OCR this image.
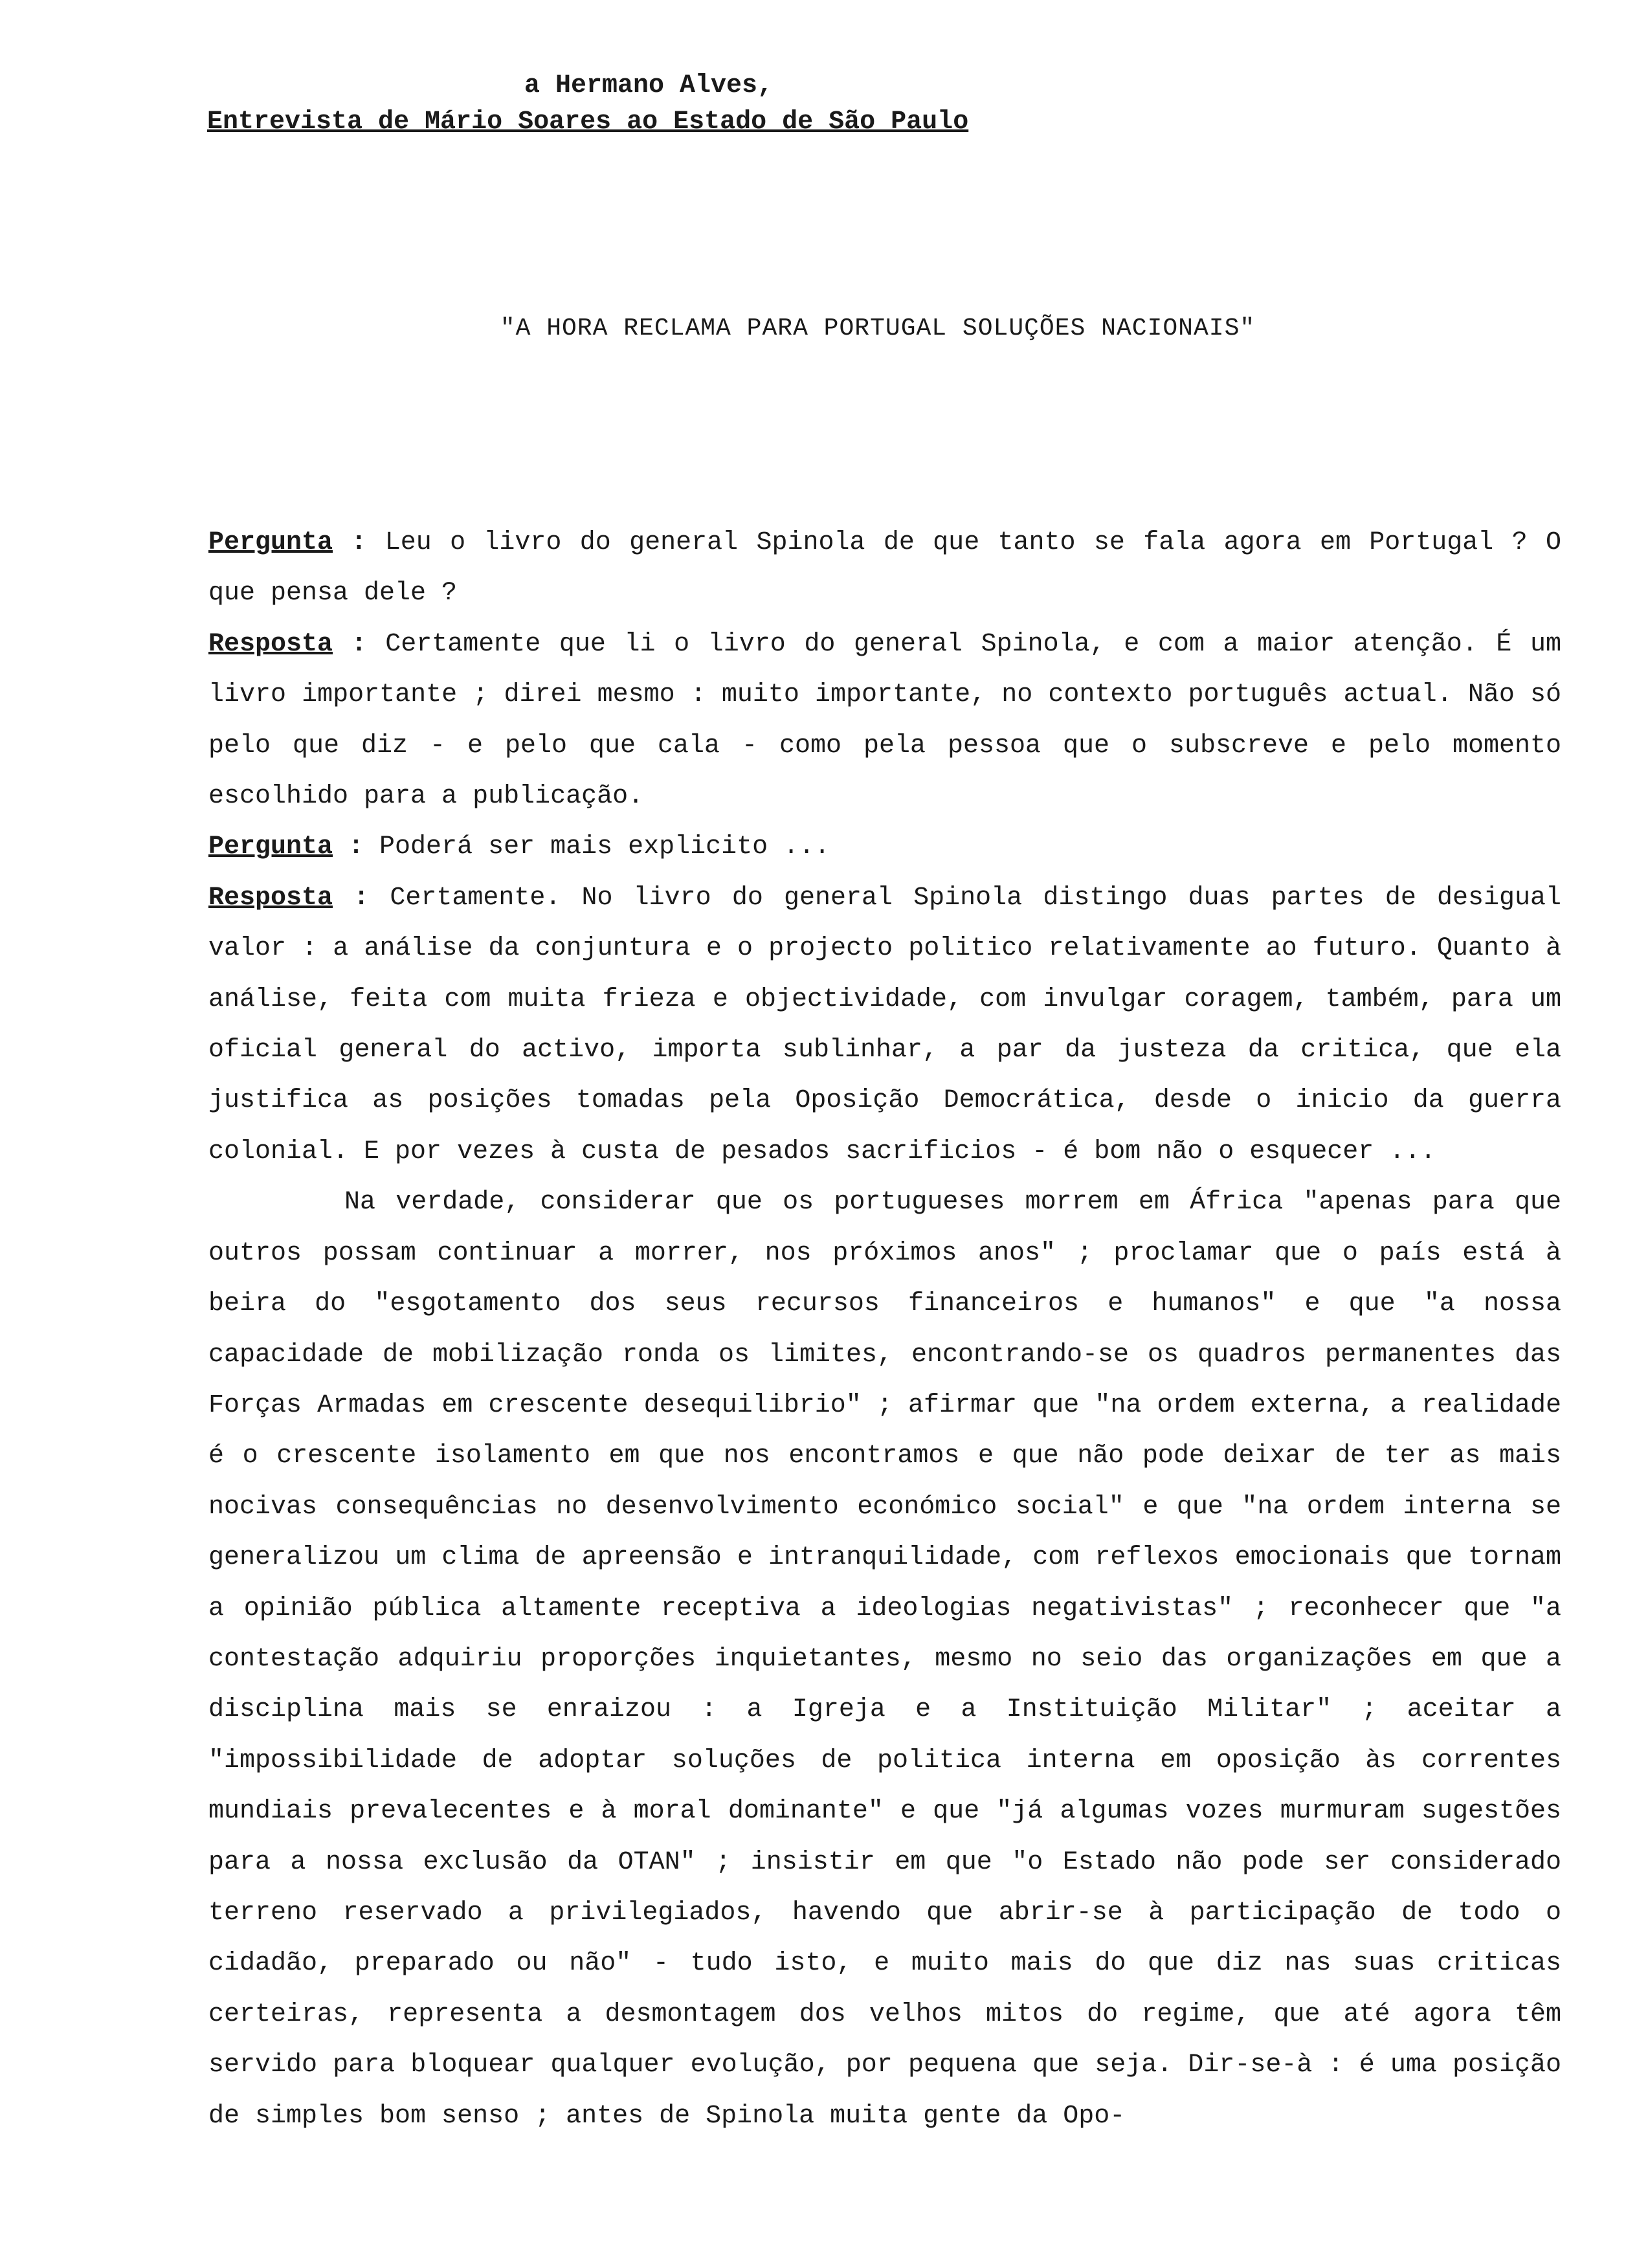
a Hermano Alves,
Entrevista de Mário Soares ao Estado de São Paulo
"A HORA RECLAMA PARA PORTUGAL SOLUÇÕES NACIONAIS"

Pergunta : Leu o livro do general Spinola de que tanto se fala agora em Portugal ? O que pensa dele ?

Resposta : Certamente que li o livro do general Spinola, e com a maior atenção. É um livro importante ; direi mesmo : muito importante, no contexto português actual. Não só pelo que diz - e pelo que cala - como pela pessoa que o subscreve e pelo momento escolhido para a publicação.

Pergunta : Poderá ser mais explicito ...

Resposta : Certamente. No livro do general Spinola distingo duas partes de desigual valor : a análise da conjuntura e o projecto politico relativamente ao futuro. Quanto à análise, feita com muita frieza e objectividade, com invulgar coragem, também, para um oficial general do activo, importa sublinhar, a par da justeza da critica, que ela justifica as posições tomadas pela Oposição Democrática, desde o inicio da guerra colonial. E por vezes à custa de pesados sacrificios - é bom não o esquecer ...

Na verdade, considerar que os portugueses morrem em África "apenas para que outros possam continuar a morrer, nos próximos anos" ; proclamar que o país está à beira do "esgotamento dos seus recursos financeiros e humanos" e que "a nossa capacidade de mobilização ronda os limites, encontrando-se os quadros permanentes das Forças Armadas em crescente desequilibrio" ; afirmar que "na ordem externa, a realidade é o crescente isolamento em que nos encontramos e que não pode deixar de ter as mais nocivas consequências no desenvolvimento económico social" e que "na ordem interna se generalizou um clima de apreensão e intranquilidade, com reflexos emocionais que tornam a opinião pública altamente receptiva a ideologias negativistas" ; reconhecer que "a contestação adquiriu proporções inquietantes, mesmo no seio das organizações em que a disciplina mais se enraizou : a Igreja e a Instituição Militar" ; aceitar a "impossibilidade de adoptar soluções de politica interna em oposição às correntes mundiais prevalecentes e à moral dominante" e que "já algumas vozes murmuram sugestões para a nossa exclusão da OTAN" ; insistir em que "o Estado não pode ser considerado terreno reservado a privilegiados, havendo que abrir-se à participação de todo o cidadão, preparado ou não" - tudo isto, e muito mais do que diz nas suas criticas certeiras, representa a desmontagem dos velhos mitos do regime, que até agora têm servido para bloquear qualquer evolução, por pequena que seja. Dir-se-à : é uma posição de simples bom senso ; antes de Spinola muita gente da Opo-
